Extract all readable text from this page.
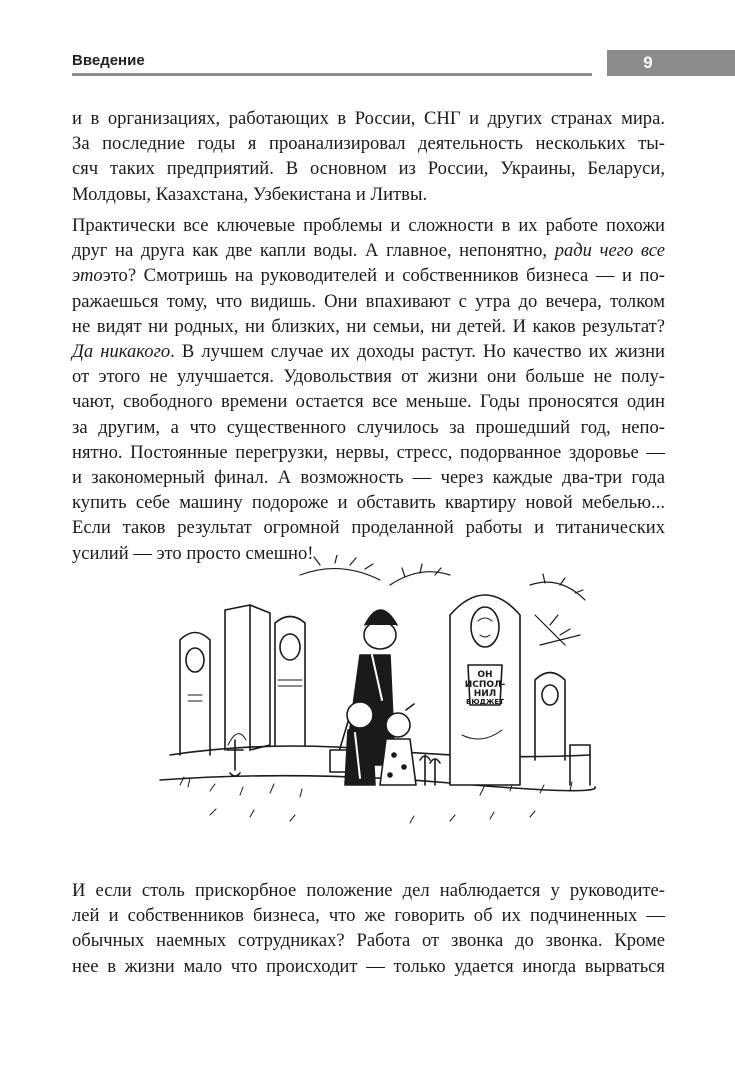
Введение	9
и в организациях, работающих в России, СНГ и других странах мира.
За последние годы я проанализировал деятельность нескольких ты-
сяч таких предприятий. В основном из России, Украины, Беларуси,
Молдовы, Казахстана, Узбекистана и Литвы.
Практически все ключевые проблемы и сложности в их работе похожи
друг на друга как две капли воды. А главное, непонятно, ради чего все
этоэто? Смотришь на руководителей и собственников бизнеса — и по-
ражаешься тому, что видишь. Они впахивают с утра до вечера, толком
не видят ни родных, ни близких, ни семьи, ни детей. И каков результат?
Да никакого. В лучшем случае их доходы растут. Но качество их жизни
от этого не улучшается. Удовольствия от жизни они больше не полу-
чают, свободного времени остается все меньше. Годы проносятся один
за другим, а что существенного случилось за прошедший год, непо-
нятно. Постоянные перегрузки, нервы, стресс, подорванное здоровье —
и закономерный финал. А возможность — через каждые два-три года
купить себе машину подороже и обставить квартиру новой мебелью...
Если таков результат огромной проделанной работы и титанических
усилий — это просто смешно!
ОН
ИСПОЛ-
НИЛ
БЮДЖЕТ
И если столь прискорбное положение дел наблюдается у руководите-
лей и собственников бизнеса, что же говорить об их подчиненных —
обычных наемных сотрудниках? Работа от звонка до звонка. Кроме
нее в жизни мало что происходит — только удается иногда вырваться
